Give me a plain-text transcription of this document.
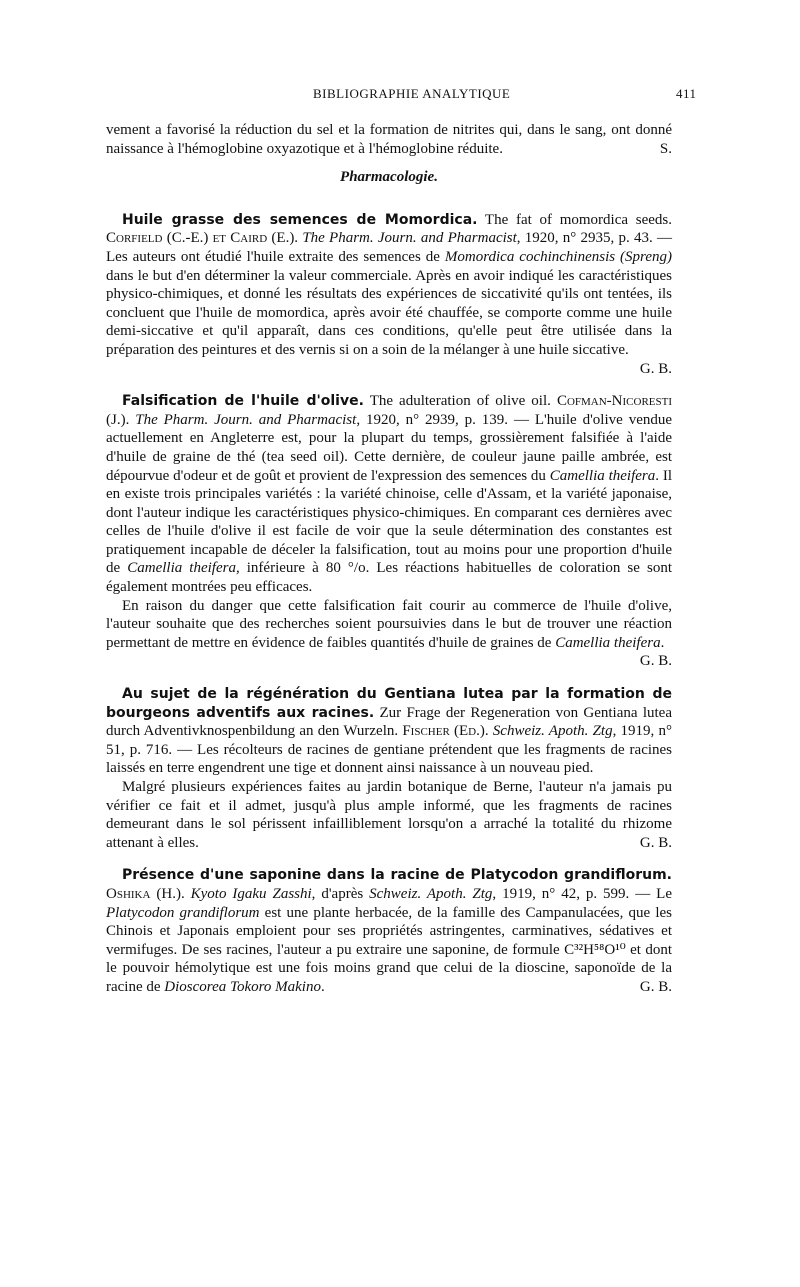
BIBLIOGRAPHIE ANALYTIQUE	411

vement a favorisé la réduction du sel et la formation de nitrites qui, dans le sang, ont donné naissance à l'hémoglobine oxyazotique et à l'hémoglobine réduite.	S.

Pharmacologie.

Huile grasse des semences de Momordica. The fat of momordica seeds. Corfield (C.-E.) et Caird (E.). The Pharm. Journ. and Pharmacist, 1920, n° 2935, p. 43. — Les auteurs ont étudié l'huile extraite des semences de Momordica cochinchinensis (Spreng) dans le but d'en déterminer la valeur commerciale. Après en avoir indiqué les caractéristiques physico-chimiques, et donné les résultats des expériences de siccativité qu'ils ont tentées, ils concluent que l'huile de momordica, après avoir été chauffée, se comporte comme une huile demi-siccative et qu'il apparaît, dans ces conditions, qu'elle peut être utilisée dans la préparation des peintures et des vernis si on a soin de la mélanger à une huile siccative.
G. B.

Falsification de l'huile d'olive. The adulteration of olive oil. Cofman-Nicoresti (J.). The Pharm. Journ. and Pharmacist, 1920, n° 2939, p. 139. — L'huile d'olive vendue actuellement en Angleterre est, pour la plupart du temps, grossièrement falsifiée à l'aide d'huile de graine de thé (tea seed oil). Cette dernière, de couleur jaune paille ambrée, est dépourvue d'odeur et de goût et provient de l'expression des semences du Camellia theifera. Il en existe trois principales variétés : la variété chinoise, celle d'Assam, et la variété japonaise, dont l'auteur indique les caractéristiques physico-chimiques. En comparant ces dernières avec celles de l'huile d'olive il est facile de voir que la seule détermination des constantes est pratiquement incapable de déceler la falsification, tout au moins pour une proportion d'huile de Camellia theifera, inférieure à 80 °/o. Les réactions habituelles de coloration se sont également montrées peu efficaces.

En raison du danger que cette falsification fait courir au commerce de l'huile d'olive, l'auteur souhaite que des recherches soient poursuivies dans le but de trouver une réaction permettant de mettre en évidence de faibles quantités d'huile de graines de Camellia theifera.
G. B.

Au sujet de la régénération du Gentiana lutea par la formation de bourgeons adventifs aux racines. Zur Frage der Regeneration von Gentiana lutea durch Adventivknospenbildung an den Wurzeln. Fischer (Ed.). Schweiz. Apoth. Ztg, 1919, n° 51, p. 716. — Les récolteurs de racines de gentiane prétendent que les fragments de racines laissés en terre engendrent une tige et donnent ainsi naissance à un nouveau pied.

Malgré plusieurs expériences faites au jardin botanique de Berne, l'auteur n'a jamais pu vérifier ce fait et il admet, jusqu'à plus ample informé, que les fragments de racines demeurant dans le sol périssent infailliblement lorsqu'on a arraché la totalité du rhizome attenant à elles.	G. B.

Présence d'une saponine dans la racine de Platycodon grandiflorum. Oshika (H.). Kyoto Igaku Zasshi, d'après Schweiz. Apoth. Ztg, 1919, n° 42, p. 599. — Le Platycodon grandiflorum est une plante herbacée, de la famille des Campanulacées, que les Chinois et Japonais emploient pour ses propriétés astringentes, carminatives, sédatives et vermifuges. De ses racines, l'auteur a pu extraire une saponine, de formule C³²H⁵⁸O¹⁰ et dont le pouvoir hémolytique est une fois moins grand que celui de la dioscine, saponoïde de la racine de Dioscorea Tokoro Makino.	G. B.
